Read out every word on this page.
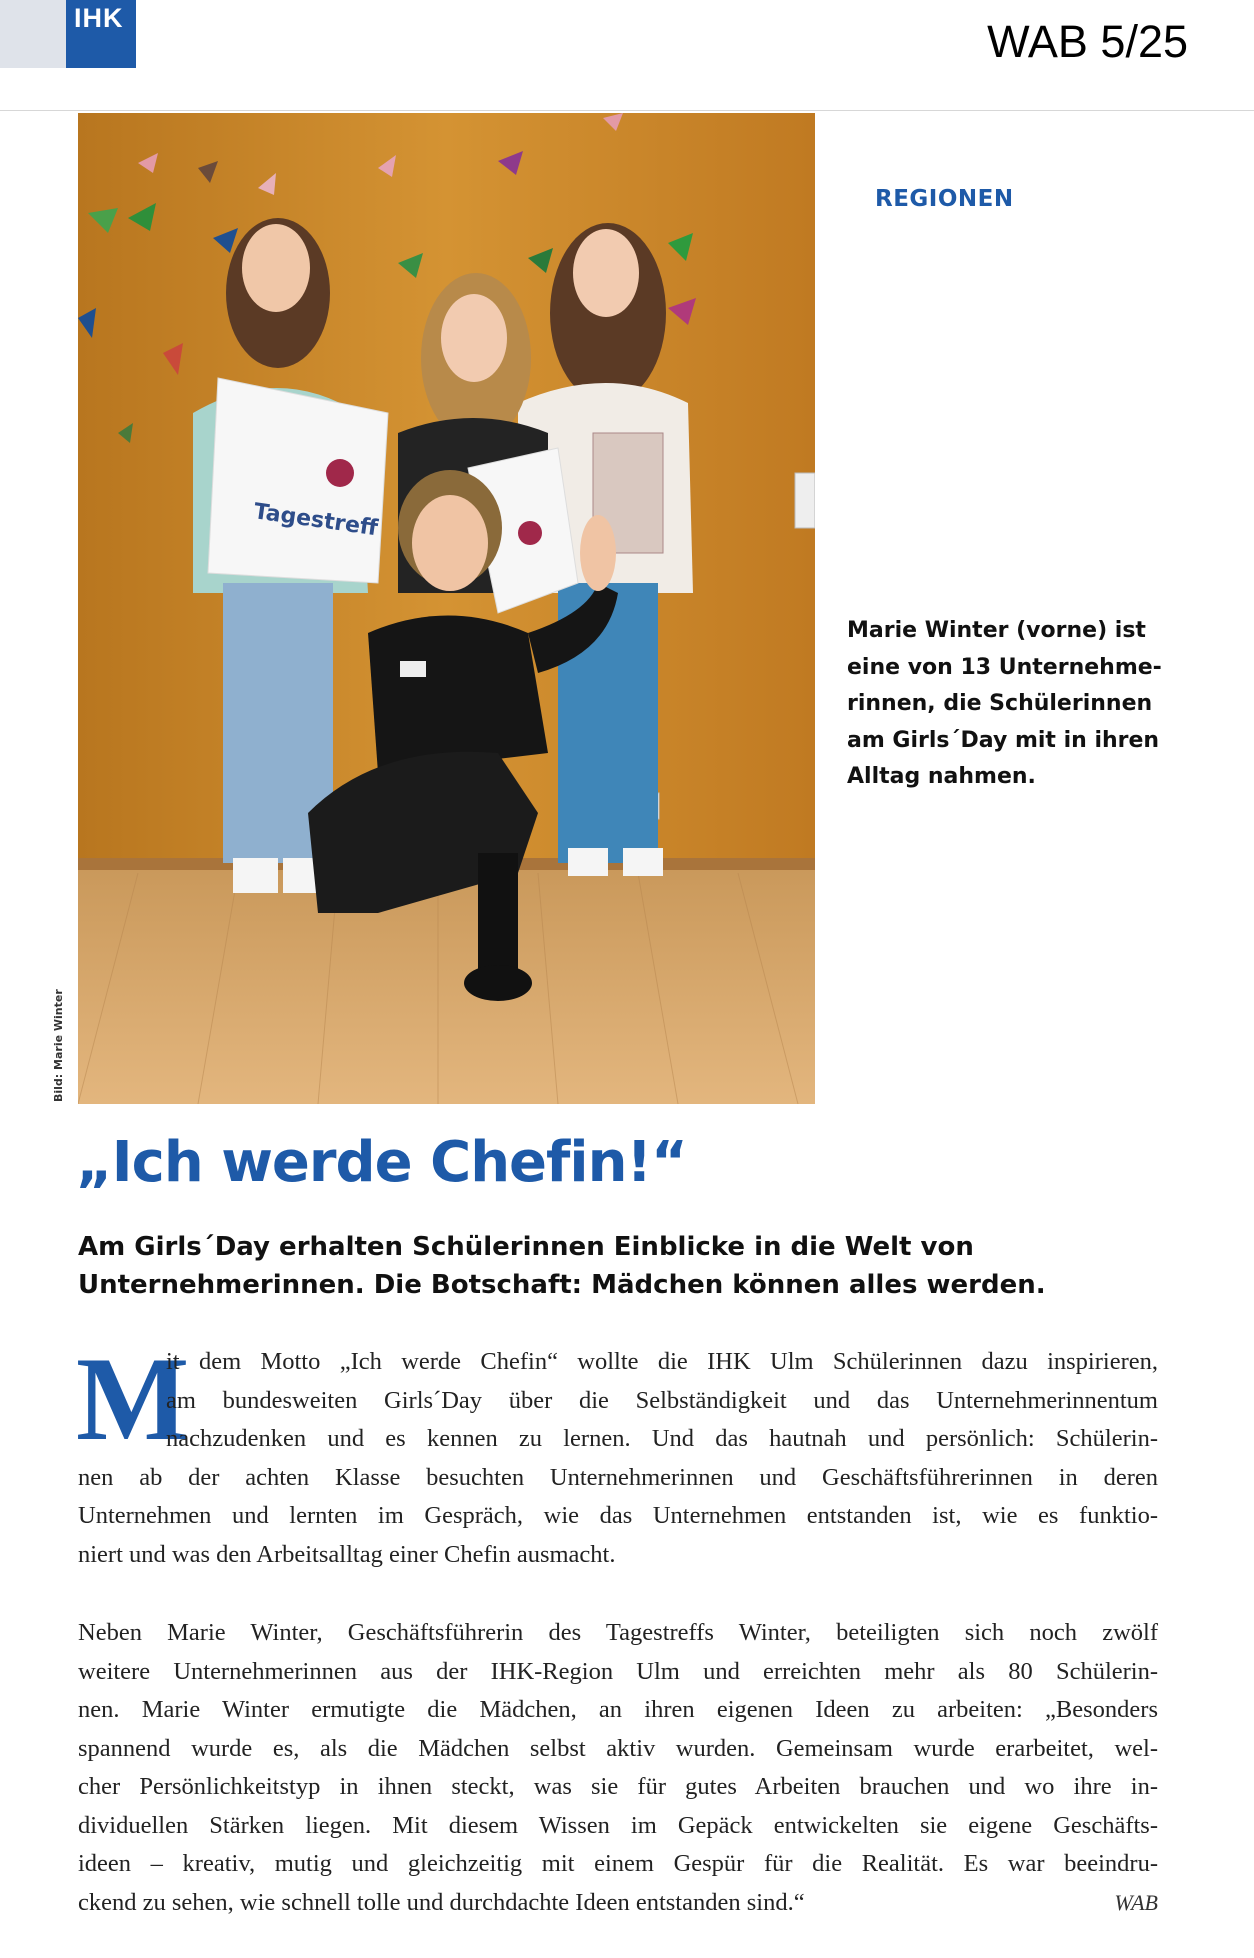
IHK	WAB 5/25
Tagestreff
Bild: Marie Winter
REGIONEN
Marie Winter (vorne) ist
eine von 13 Unternehme-
rinnen, die Schülerinnen
am Girls´Day mit in ihren
Alltag nahmen.
„Ich werde Chefin!“
Am Girls´Day erhalten Schülerinnen Einblicke in die Welt von
Unternehmerinnen. Die Botschaft: Mädchen können alles werden.
M
it dem Motto „Ich werde Chefin“ wollte die IHK Ulm Schülerinnen dazu inspirieren,
am bundesweiten Girls´Day über die Selbständigkeit und das Unternehmerinnentum
nachzudenken und es kennen zu lernen. Und das hautnah und persönlich: Schülerin-
nen ab der achten Klasse besuchten Unternehmerinnen und Geschäftsführerinnen in deren
Unternehmen und lernten im Gespräch, wie das Unternehmen entstanden ist, wie es funktio-
niert und was den Arbeitsalltag einer Chefin ausmacht.
Neben Marie Winter, Geschäftsführerin des Tagestreffs Winter, beteiligten sich noch zwölf
weitere Unternehmerinnen aus der IHK-Region Ulm und erreichten mehr als 80 Schülerin-
nen. Marie Winter ermutigte die Mädchen, an ihren eigenen Ideen zu arbeiten: „Besonders
spannend wurde es, als die Mädchen selbst aktiv wurden. Gemeinsam wurde erarbeitet, wel-
cher Persönlichkeitstyp in ihnen steckt, was sie für gutes Arbeiten brauchen und wo ihre in-
dividuellen Stärken liegen. Mit diesem Wissen im Gepäck entwickelten sie eigene Geschäfts-
ideen – kreativ, mutig und gleichzeitig mit einem Gespür für die Realität. Es war beeindru-
ckend zu sehen, wie schnell tolle und durchdachte Ideen entstanden sind.“	WAB
